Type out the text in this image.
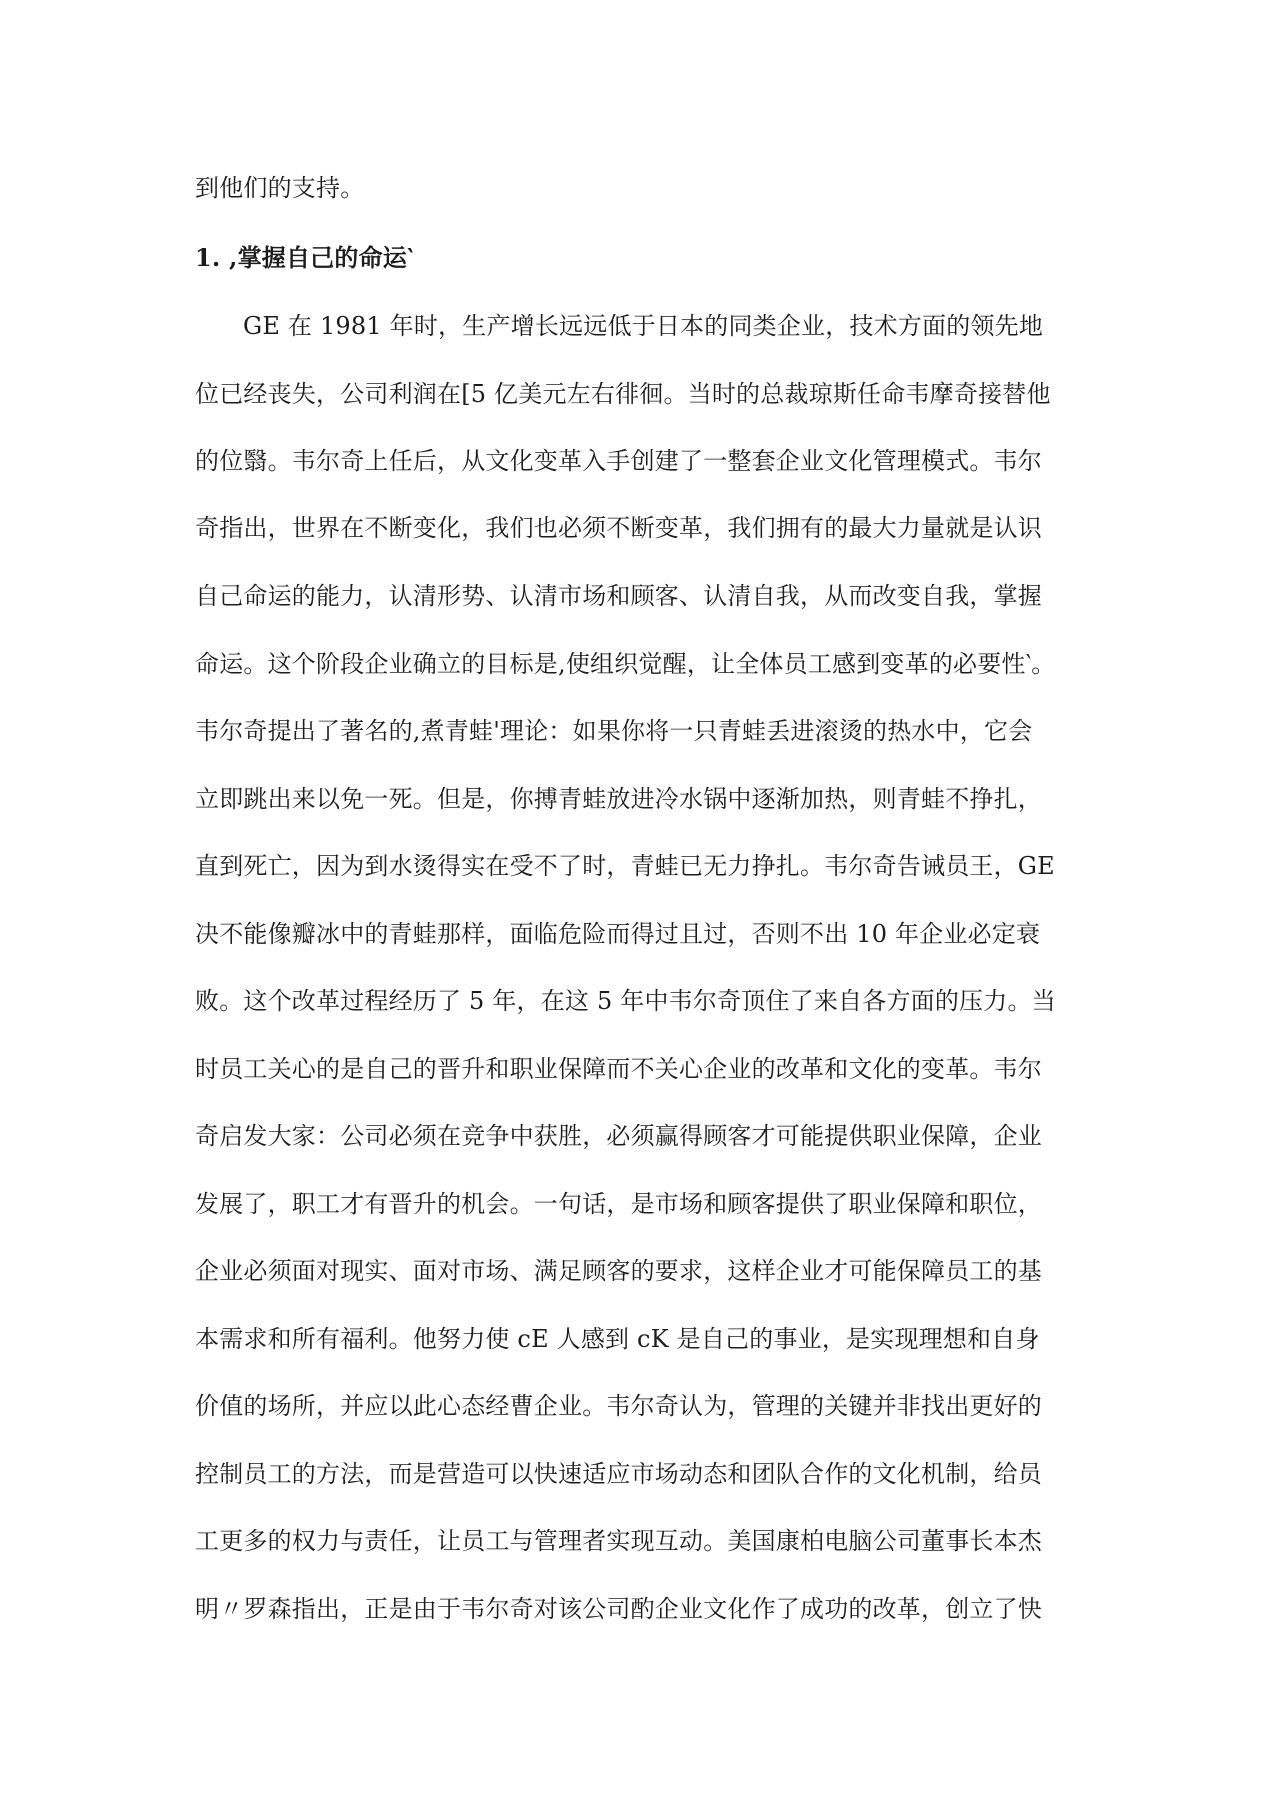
到他们的支持。
1. ,掌握自己的命运‵
GE 在 1981 年时，生产增长远远低于日本的同类企业，技术方面的领先地
位已经丧失，公司利润在[5 亿美元左右徘徊。当时的总裁琼斯任命韦摩奇接替他
的位翳。韦尔奇上任后，从文化变革入手创建了一整套企业文化管理模式。韦尔
奇指出，世界在不断变化，我们也必须不断变革，我们拥有的最大力量就是认识
自己命运的能力，认清形势、认清市场和顾客、认清自我，从而改变自我，掌握
命运。这个阶段企业确立的目标是,使组织觉醒，让全体员工感到变革的必要性‵。
韦尔奇提出了著名的,煮青蛙'理论：如果你将一只青蛙丢进滚烫的热水中，它会
立即跳出来以免一死。但是，你搏青蛙放进冷水锅中逐渐加热，则青蛙不挣扎，
直到死亡，因为到水烫得实在受不了时，青蛙已无力挣扎。韦尔奇告诫员王，GE
决不能像瓣冰中的青蛙那样，面临危险而得过且过，否则不出 10 年企业必定衰
败。这个改革过程经历了 5 年，在这 5 年中韦尔奇顶住了来自各方面的压力。当
时员工关心的是自己的晋升和职业保障而不关心企业的改革和文化的变革。韦尔
奇启发大家：公司必须在竞争中获胜，必须赢得顾客才可能提供职业保障，企业
发展了，职工才有晋升的机会。一句话，是市场和顾客提供了职业保障和职位，
企业必须面对现实、面对市场、满足顾客的要求，这样企业才可能保障员工的基
本需求和所有福利。他努力使 cE 人感到 cK 是自己的事业，是实现理想和自身
价值的场所，并应以此心态经曹企业。韦尔奇认为，管理的关键并非找出更好的
控制员工的方法，而是营造可以快速适应市场动态和团队合作的文化机制，给员
工更多的权力与责任，让员工与管理者实现互动。美国康柏电脑公司董事长本杰
明〃罗森指出，正是由于韦尔奇对该公司酌企业文化作了成功的改革，创立了快
